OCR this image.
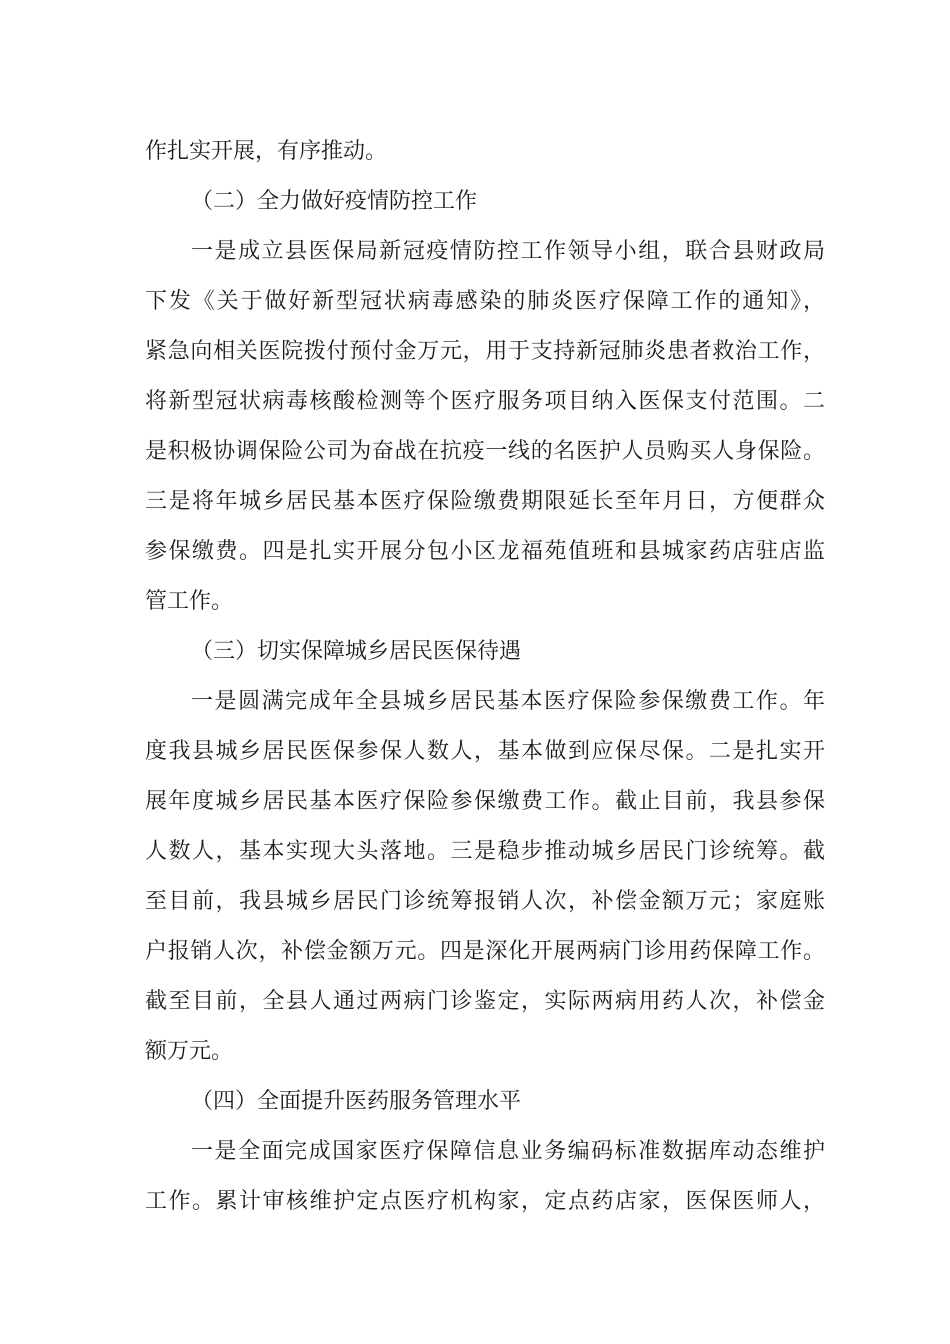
作扎实开展，有序推动。
（二）全力做好疫情防控工作
一是成立县医保局新冠疫情防控工作领导小组，联合县财政局
下发《关于做好新型冠状病毒感染的肺炎医疗保障工作的通知》，
紧急向相关医院拨付预付金万元，用于支持新冠肺炎患者救治工作，
将新型冠状病毒核酸检测等个医疗服务项目纳入医保支付范围。二
是积极协调保险公司为奋战在抗疫一线的名医护人员购买人身保险。
三是将年城乡居民基本医疗保险缴费期限延长至年月日，方便群众
参保缴费。四是扎实开展分包小区龙福苑值班和县城家药店驻店监
管工作。
（三）切实保障城乡居民医保待遇
一是圆满完成年全县城乡居民基本医疗保险参保缴费工作。年
度我县城乡居民医保参保人数人，基本做到应保尽保。二是扎实开
展年度城乡居民基本医疗保险参保缴费工作。截止目前，我县参保
人数人，基本实现大头落地。三是稳步推动城乡居民门诊统筹。截
至目前，我县城乡居民门诊统筹报销人次，补偿金额万元；家庭账
户报销人次，补偿金额万元。四是深化开展两病门诊用药保障工作。
截至目前，全县人通过两病门诊鉴定，实际两病用药人次，补偿金
额万元。
（四）全面提升医药服务管理水平
一是全面完成国家医疗保障信息业务编码标准数据库动态维护
工作。累计审核维护定点医疗机构家，定点药店家，医保医师人，
